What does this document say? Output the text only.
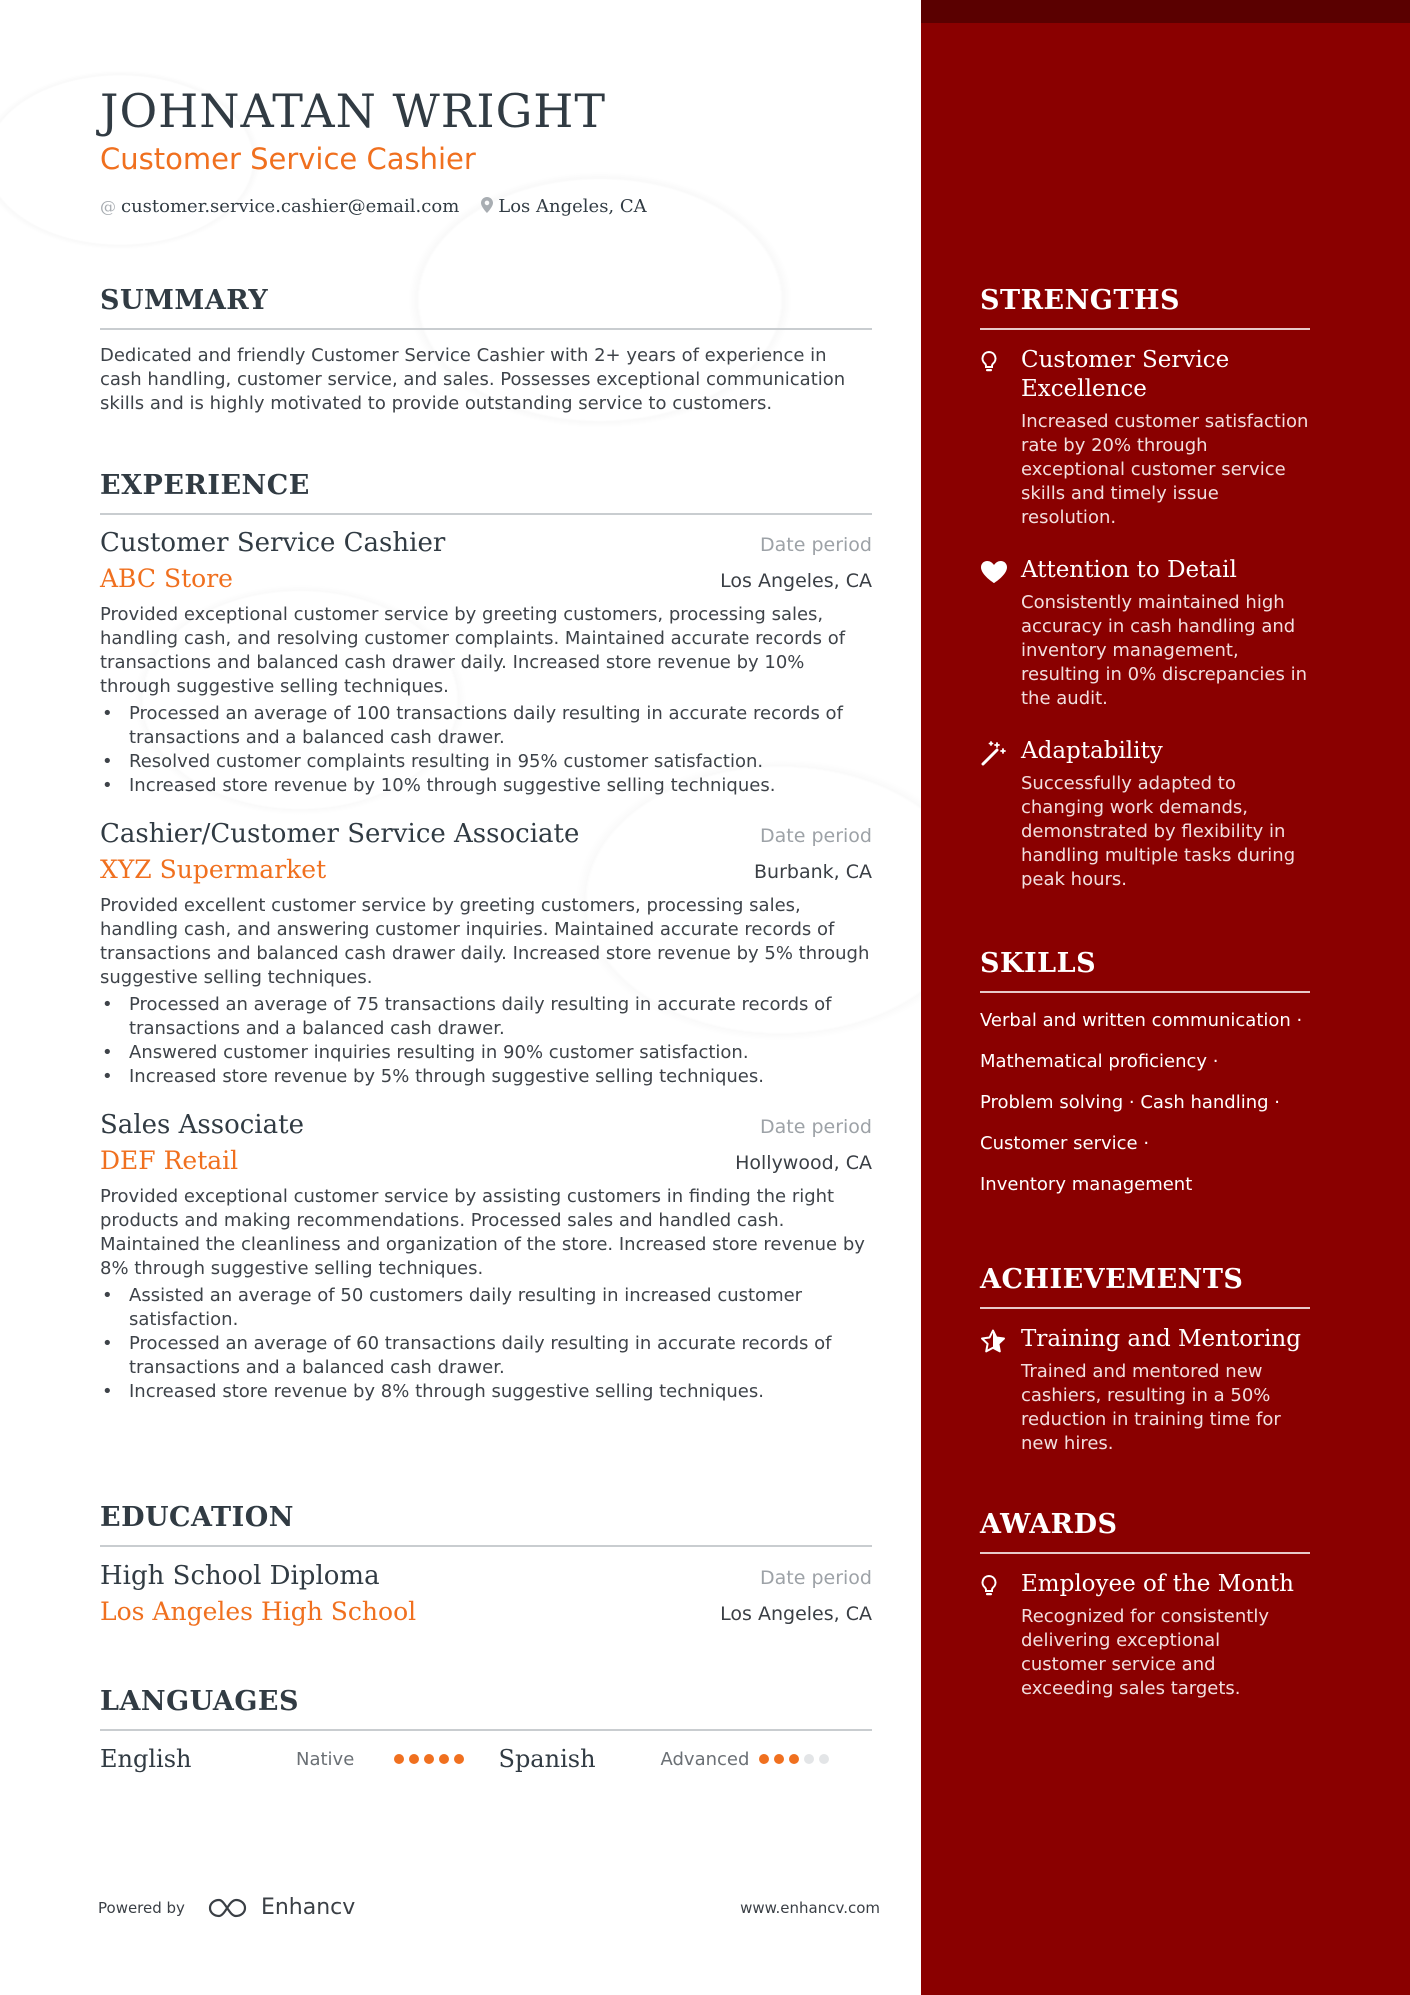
JOHNATAN WRIGHT
Customer Service Cashier
@ customer.service.cashier@email.com Los Angeles, CA
SUMMARY

Dedicated and friendly Customer Service Cashier with 2+ years of experience in cash handling, customer service, and sales. Possesses exceptional communication skills and is highly motivated to provide outstanding service to customers.

EXPERIENCE
Customer Service Cashier	Date period
ABC Store	Los Angeles, CA

Provided exceptional customer service by greeting customers, processing sales, handling cash, and resolving customer complaints. Maintained accurate records of transactions and balanced cash drawer daily. Increased store revenue by 10% through suggestive selling techniques.

• Processed an average of 100 transactions daily resulting in accurate records of transactions and a balanced cash drawer.
• Resolved customer complaints resulting in 95% customer satisfaction.
• Increased store revenue by 10% through suggestive selling techniques.
Cashier/Customer Service Associate	Date period
XYZ Supermarket	Burbank, CA

Provided excellent customer service by greeting customers, processing sales, handling cash, and answering customer inquiries. Maintained accurate records of transactions and balanced cash drawer daily. Increased store revenue by 5% through suggestive selling techniques.

• Processed an average of 75 transactions daily resulting in accurate records of transactions and a balanced cash drawer.
• Answered customer inquiries resulting in 90% customer satisfaction.
• Increased store revenue by 5% through suggestive selling techniques.
Sales Associate	Date period
DEF Retail	Hollywood, CA

Provided exceptional customer service by assisting customers in finding the right products and making recommendations. Processed sales and handled cash. Maintained the cleanliness and organization of the store. Increased store revenue by 8% through suggestive selling techniques.

• Assisted an average of 50 customers daily resulting in increased customer satisfaction.
• Processed an average of 60 transactions daily resulting in accurate records of transactions and a balanced cash drawer.
• Increased store revenue by 8% through suggestive selling techniques.
EDUCATION
High School Diploma	Date period
Los Angeles High School	Los Angeles, CA
LANGUAGES
English	Native	Spanish	Advanced
Powered by	Enhancv	www.enhancv.com
STRENGTHS
Customer Service Excellence
Increased customer satisfaction rate by 20% through exceptional customer service skills and timely issue resolution.
Attention to Detail
Consistently maintained high accuracy in cash handling and inventory management, resulting in 0% discrepancies in the audit.
Adaptability
Successfully adapted to changing work demands, demonstrated by flexibility in handling multiple tasks during peak hours.
SKILLS
Verbal and written communication ·
Mathematical proficiency ·
Problem solving · Cash handling ·
Customer service ·
Inventory management
ACHIEVEMENTS
Training and Mentoring
Trained and mentored new cashiers, resulting in a 50% reduction in training time for new hires.
AWARDS
Employee of the Month
Recognized for consistently delivering exceptional customer service and exceeding sales targets.
